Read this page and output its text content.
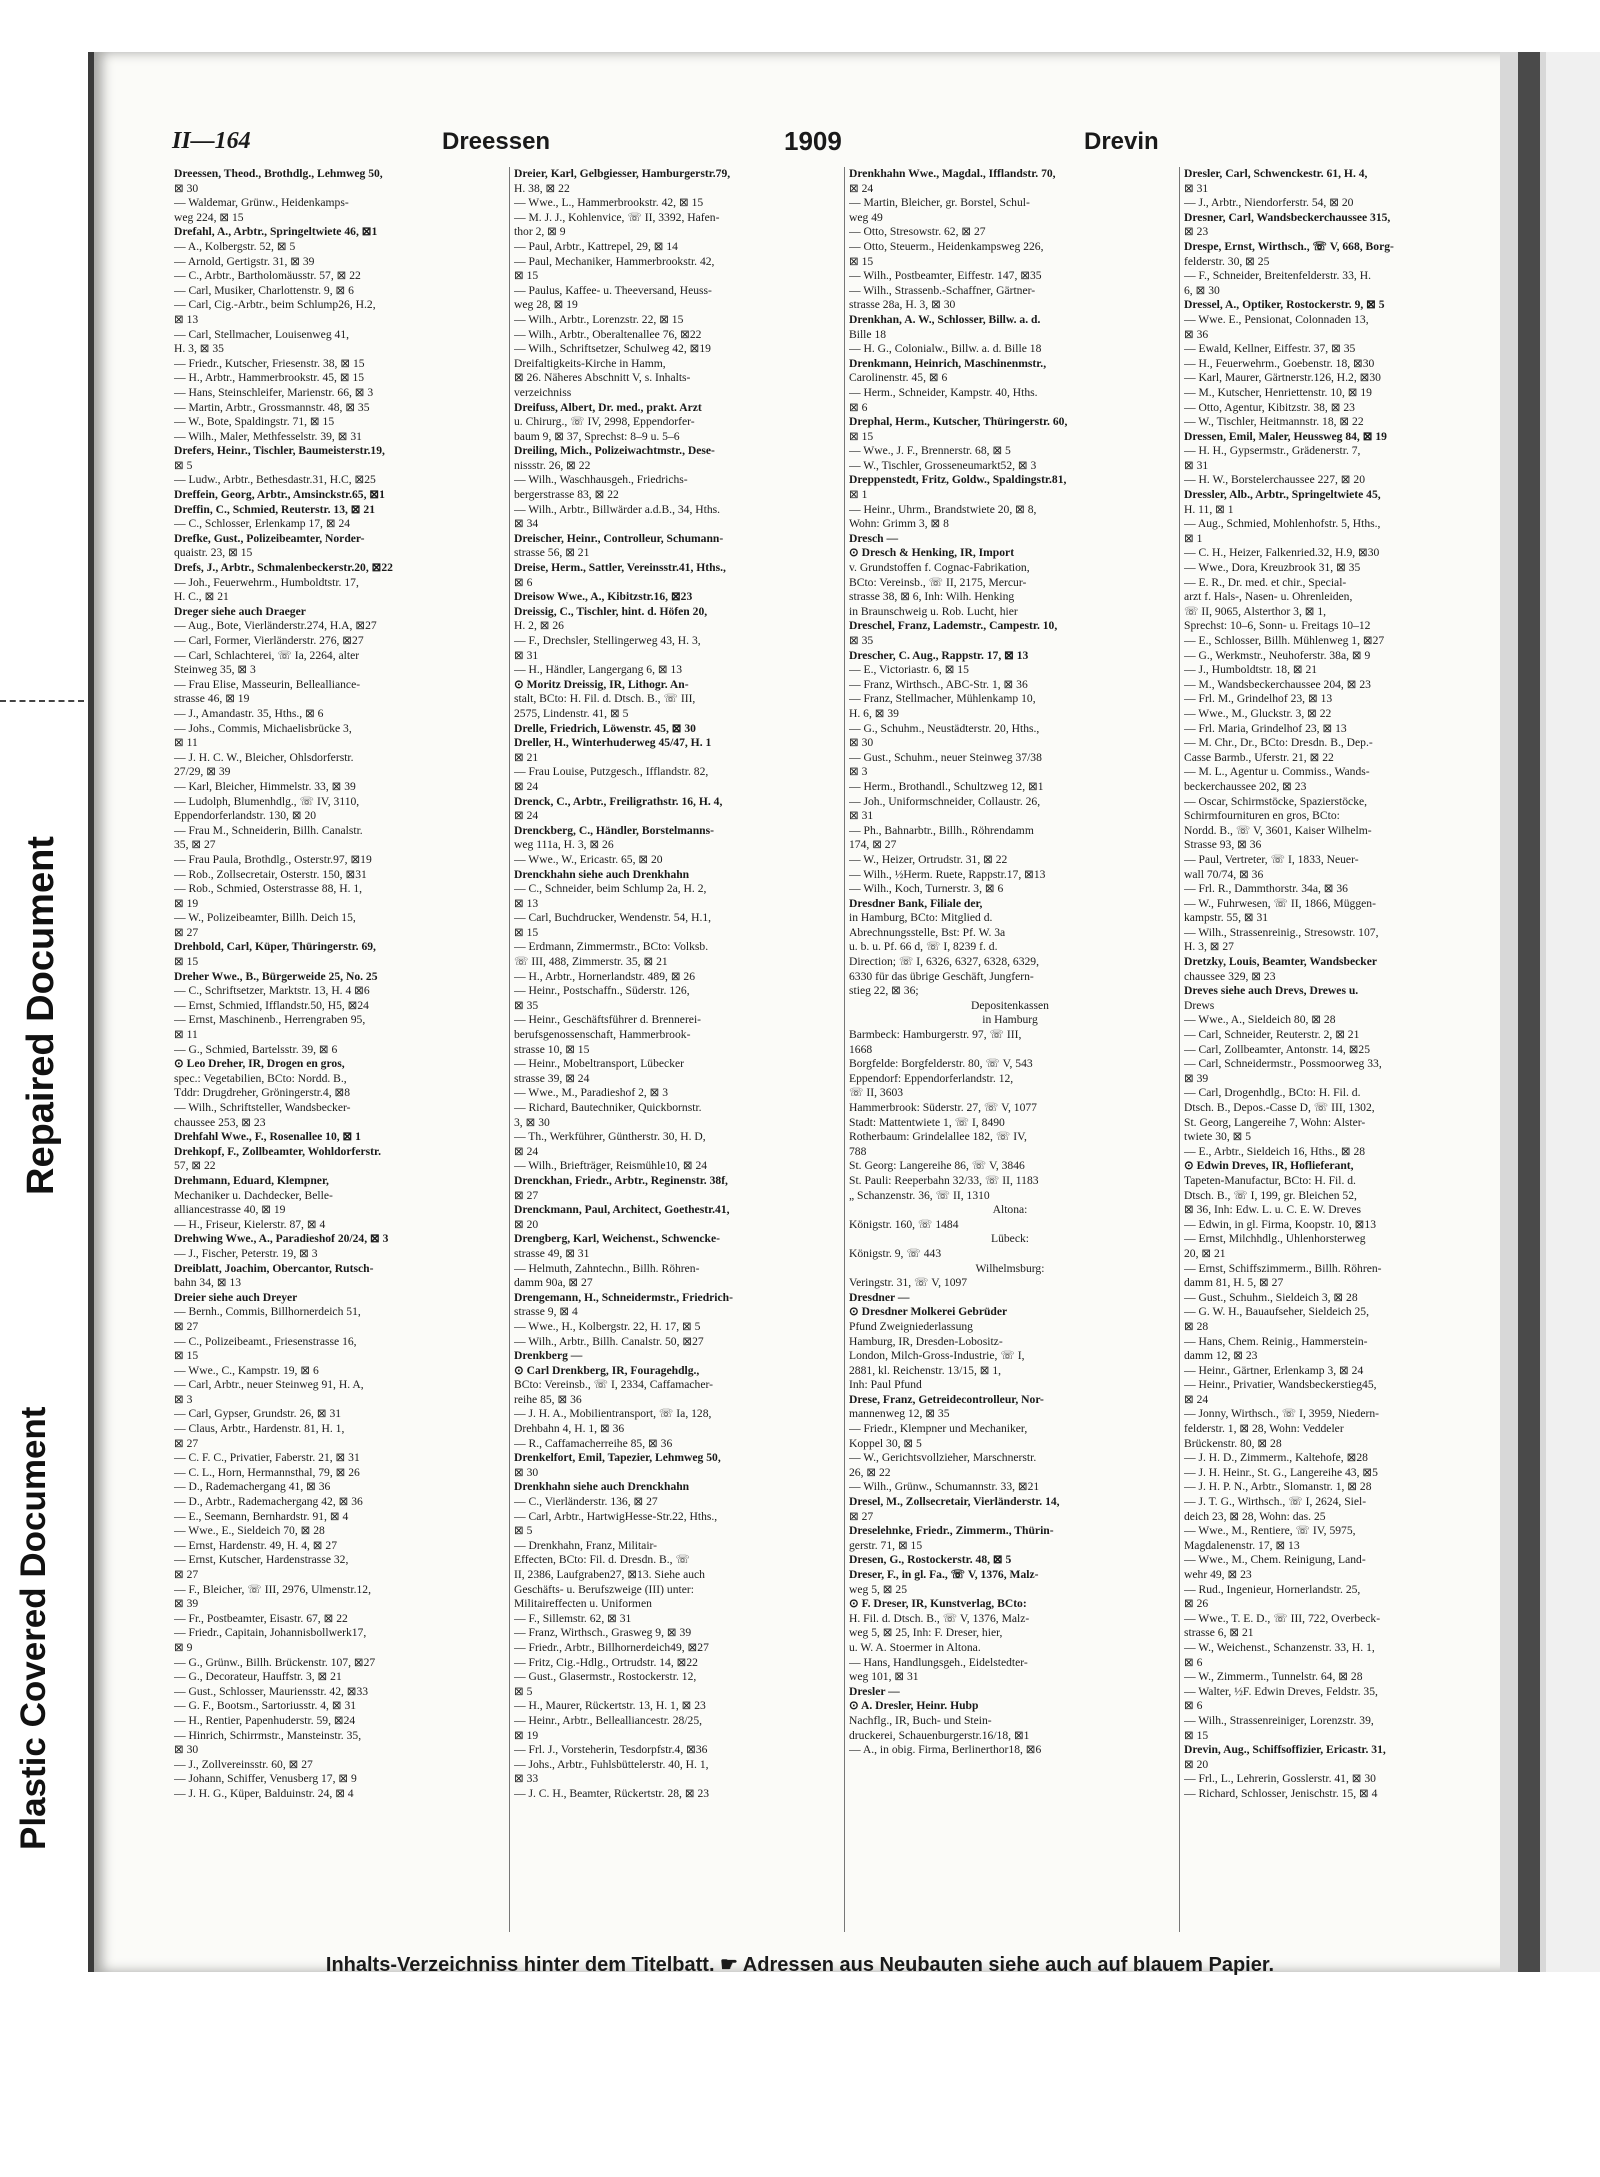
Repaired Document
Plastic Covered Document
II—164	Dreessen	1909	Drevin
Dreessen, Theod., Brothdlg., Lehmweg 50,
⊠ 30
— Waldemar, Grünw., Heidenkamps-
weg 224, ⊠ 15
Drefahl, A., Arbtr., Springeltwiete 46, ⊠1
— A., Kolbergstr. 52, ⊠ 5
— Arnold, Gertigstr. 31, ⊠ 39
— C., Arbtr., Bartholomäusstr. 57, ⊠ 22
— Carl, Musiker, Charlottenstr. 9, ⊠ 6
— Carl, Cig.-Arbtr., beim Schlump26, H.2,
⊠ 13
— Carl, Stellmacher, Louisenweg 41,
H. 3, ⊠ 35
— Friedr., Kutscher, Friesenstr. 38, ⊠ 15
— H., Arbtr., Hammerbrookstr. 45, ⊠ 15
— Hans, Steinschleifer, Marienstr. 66, ⊠ 3
— Martin, Arbtr., Grossmannstr. 48, ⊠ 35
— W., Bote, Spaldingstr. 71, ⊠ 15
— Wilh., Maler, Methfesselstr. 39, ⊠ 31
Drefers, Heinr., Tischler, Baumeisterstr.19,
⊠ 5
— Ludw., Arbtr., Bethesdastr.31, H.C, ⊠25
Dreffein, Georg, Arbtr., Amsinckstr.65, ⊠1
Dreffin, C., Schmied, Reuterstr. 13, ⊠ 21
— C., Schlosser, Erlenkamp 17, ⊠ 24
Drefke, Gust., Polizeibeamter, Norder-
quaistr. 23, ⊠ 15
Drefs, J., Arbtr., Schmalenbeckerstr.20, ⊠22
— Joh., Feuerwehrm., Humboldtstr. 17,
H. C., ⊠ 21
Dreger siehe auch Draeger
— Aug., Bote, Vierländerstr.274, H.A, ⊠27
— Carl, Former, Vierländerstr. 276, ⊠27
— Carl, Schlachterei, ☏ Ia, 2264, alter
Steinweg 35, ⊠ 3
— Frau Elise, Masseurin, Bellealliance-
strasse 46, ⊠ 19
— J., Amandastr. 35, Hths., ⊠ 6
— Johs., Commis, Michaelisbrücke 3,
⊠ 11
— J. H. C. W., Bleicher, Ohlsdorferstr.
27/29, ⊠ 39
— Karl, Bleicher, Himmelstr. 33, ⊠ 39
— Ludolph, Blumenhdlg., ☏ IV, 3110,
Eppendorferlandstr. 130, ⊠ 20
— Frau M., Schneiderin, Billh. Canalstr.
35, ⊠ 27
— Frau Paula, Brothdlg., Osterstr.97, ⊠19
— Rob., Zollsecretair, Osterstr. 150, ⊠31
— Rob., Schmied, Osterstrasse 88, H. 1,
⊠ 19
— W., Polizeibeamter, Billh. Deich 15,
⊠ 27
Drehbold, Carl, Küper, Thüringerstr. 69,
⊠ 15
Dreher Wwe., B., Bürgerweide 25, No. 25
— C., Schriftsetzer, Marktstr. 13, H. 4 ⊠6
— Ernst, Schmied, Ifflandstr.50, H5, ⊠24
— Ernst, Maschinenb., Herrengraben 95,
⊠ 11
— G., Schmied, Bartelsstr. 39, ⊠ 6
⊙ Leo Dreher, IR, Drogen en gros,
spec.: Vegetabilien, BCto: Nordd. B.,
Tddr: Drugdreher, Gröningerstr.4, ⊠8
— Wilh., Schriftsteller, Wandsbecker-
chaussee 253, ⊠ 23
Drehfahl Wwe., F., Rosenallee 10, ⊠ 1
Drehkopf, F., Zollbeamter, Wohldorferstr.
57, ⊠ 22
Drehmann, Eduard, Klempner,
Mechaniker u. Dachdecker, Belle-
alliancestrasse 40, ⊠ 19
— H., Friseur, Kielerstr. 87, ⊠ 4
Drehwing Wwe., A., Paradieshof 20/24, ⊠ 3
— J., Fischer, Peterstr. 19, ⊠ 3
Dreiblatt, Joachim, Obercantor, Rutsch-
bahn 34, ⊠ 13
Dreier siehe auch Dreyer
— Bernh., Commis, Billhornerdeich 51,
⊠ 27
— C., Polizeibeamt., Friesenstrasse 16,
⊠ 15
— Wwe., C., Kampstr. 19, ⊠ 6
— Carl, Arbtr., neuer Steinweg 91, H. A,
⊠ 3
— Carl, Gypser, Grundstr. 26, ⊠ 31
— Claus, Arbtr., Hardenstr. 81, H. 1,
⊠ 27
— C. F. C., Privatier, Faberstr. 21, ⊠ 31
— C. L., Horn, Hermannsthal, 79, ⊠ 26
— D., Rademachergang 41, ⊠ 36
— D., Arbtr., Rademachergang 42, ⊠ 36
— E., Seemann, Bernhardstr. 91, ⊠ 4
— Wwe., E., Sieldeich 70, ⊠ 28
— Ernst, Hardenstr. 49, H. 4, ⊠ 27
— Ernst, Kutscher, Hardenstrasse 32,
⊠ 27
— F., Bleicher, ☏ III, 2976, Ulmenstr.12,
⊠ 39
— Fr., Postbeamter, Eisastr. 67, ⊠ 22
— Friedr., Capitain, Johannisbollwerk17,
⊠ 9
— G., Grünw., Billh. Brückenstr. 107, ⊠27
— G., Decorateur, Hauffstr. 3, ⊠ 21
— Gust., Schlosser, Mauriensstr. 42, ⊠33
— G. F., Bootsm., Sartoriusstr. 4, ⊠ 31
— H., Rentier, Papenhuderstr. 59, ⊠24
— Hinrich, Schirrmstr., Mansteinstr. 35,
⊠ 30
— J., Zollvereinsstr. 60, ⊠ 27
— Johann, Schiffer, Venusberg 17, ⊠ 9
— J. H. G., Küper, Balduinstr. 24, ⊠ 4
Dreier, Karl, Gelbgiesser, Hamburgerstr.79,
H. 38, ⊠ 22
— Wwe., L., Hammerbrookstr. 42, ⊠ 15
— M. J. J., Kohlenvice, ☏ II, 3392, Hafen-
thor 2, ⊠ 9
— Paul, Arbtr., Kattrepel, 29, ⊠ 14
— Paul, Mechaniker, Hammerbrookstr. 42,
⊠ 15
— Paulus, Kaffee- u. Theeversand, Heuss-
weg 28, ⊠ 19
— Wilh., Arbtr., Lorenzstr. 22, ⊠ 15
— Wilh., Arbtr., Oberaltenallee 76, ⊠22
— Wilh., Schriftsetzer, Schulweg 42, ⊠19
Dreifaltigkeits-Kirche in Hamm,
⊠ 26. Näheres Abschnitt V, s. Inhalts-
verzeichniss
Dreifuss, Albert, Dr. med., prakt. Arzt
u. Chirurg., ☏ IV, 2998, Eppendorfer-
baum 9, ⊠ 37, Sprechst: 8–9 u. 5–6
Dreiling, Mich., Polizeiwachtmstr., Dese-
nissstr. 26, ⊠ 22
— Wilh., Waschhausgeh., Friedrichs-
bergerstrasse 83, ⊠ 22
— Wilh., Arbtr., Billwärder a.d.B., 34, Hths.
⊠ 34
Dreischer, Heinr., Controlleur, Schumann-
strasse 56, ⊠ 21
Dreise, Herm., Sattler, Vereinsstr.41, Hths.,
⊠ 6
Dreisow Wwe., A., Kibitzstr.16, ⊠23
Dreissig, C., Tischler, hint. d. Höfen 20,
H. 2, ⊠ 26
— F., Drechsler, Stellingerweg 43, H. 3,
⊠ 31
— H., Händler, Langergang 6, ⊠ 13
⊙ Moritz Dreissig, IR, Lithogr. An-
stalt, BCto: H. Fil. d. Dtsch. B., ☏ III,
2575, Lindenstr. 41, ⊠ 5
Drelle, Friedrich, Löwenstr. 45, ⊠ 30
Dreller, H., Winterhuderweg 45/47, H. 1
⊠ 21
— Frau Louise, Putzgesch., Ifflandstr. 82,
⊠ 24
Drenck, C., Arbtr., Freiligrathstr. 16, H. 4,
⊠ 24
Drenckberg, C., Händler, Borstelmanns-
weg 111a, H. 3, ⊠ 26
— Wwe., W., Ericastr. 65, ⊠ 20
Drenckhahn siehe auch Drenkhahn
— C., Schneider, beim Schlump 2a, H. 2,
⊠ 13
— Carl, Buchdrucker, Wendenstr. 54, H.1,
⊠ 15
— Erdmann, Zimmermstr., BCto: Volksb.
☏ III, 488, Zimmerstr. 35, ⊠ 21
— H., Arbtr., Hornerlandstr. 489, ⊠ 26
— Heinr., Postschaffn., Süderstr. 126,
⊠ 35
— Heinr., Geschäftsführer d. Brennerei-
berufsgenossenschaft, Hammerbrook-
strasse 10, ⊠ 15
— Heinr., Mobeltransport, Lübecker
strasse 39, ⊠ 24
— Wwe., M., Paradieshof 2, ⊠ 3
— Richard, Bautechniker, Quickbornstr.
3, ⊠ 30
— Th., Werkführer, Güntherstr. 30, H. D,
⊠ 24
— Wilh., Briefträger, Reismühle10, ⊠ 24
Drenckhan, Friedr., Arbtr., Reginenstr. 38f,
⊠ 27
Drenckmann, Paul, Architect, Goethestr.41,
⊠ 20
Drengberg, Karl, Weichenst., Schwencke-
strasse 49, ⊠ 31
— Helmuth, Zahntechn., Billh. Röhren-
damm 90a, ⊠ 27
Drengemann, H., Schneidermstr., Friedrich-
strasse 9, ⊠ 4
— Wwe., H., Kolbergstr. 22, H. 17, ⊠ 5
— Wilh., Arbtr., Billh. Canalstr. 50, ⊠27
Drenkberg —
⊙ Carl Drenkberg, IR, Fouragehdlg.,
BCto: Vereinsb., ☏ I, 2334, Caffamacher-
reihe 85, ⊠ 36
— J. H. A., Mobilientransport, ☏ Ia, 128,
Drehbahn 4, H. 1, ⊠ 36
— R., Caffamacherreihe 85, ⊠ 36
Drenkelfort, Emil, Tapezier, Lehmweg 50,
⊠ 30
Drenkhahn siehe auch Drenckhahn
— C., Vierländerstr. 136, ⊠ 27
— Carl, Arbtr., HartwigHesse-Str.22, Hths.,
⊠ 5
— Drenkhahn, Franz, Militair-
Effecten, BCto: Fil. d. Dresdn. B., ☏
II, 2386, Laufgraben27, ⊠13. Siehe auch
Geschäfts- u. Berufszweige (III) unter:
Militaireffecten u. Uniformen
— F., Sillemstr. 62, ⊠ 31
— Franz, Wirthsch., Grasweg 9, ⊠ 39
— Friedr., Arbtr., Billhornerdeich49, ⊠27
— Fritz, Cig.-Hdlg., Ortrudstr. 14, ⊠22
— Gust., Glasermstr., Rostockerstr. 12,
⊠ 5
— H., Maurer, Rückertstr. 13, H. 1, ⊠ 23
— Heinr., Arbtr., Bellealliancestr. 28/25,
⊠ 19
— Frl. J., Vorsteherin, Tesdorpfstr.4, ⊠36
— Johs., Arbtr., Fuhlsbüttelerstr. 40, H. 1,
⊠ 33
— J. C. H., Beamter, Rückertstr. 28, ⊠ 23
Drenkhahn Wwe., Magdal., Ifflandstr. 70,
⊠ 24
— Martin, Bleicher, gr. Borstel, Schul-
weg 49
— Otto, Stresowstr. 62, ⊠ 27
— Otto, Steuerm., Heidenkampsweg 226,
⊠ 15
— Wilh., Postbeamter, Eiffestr. 147, ⊠35
— Wilh., Strassenb.-Schaffner, Gärtner-
strasse 28a, H. 3, ⊠ 30
Drenkhan, A. W., Schlosser, Billw. a. d.
Bille 18
— H. G., Colonialw., Billw. a. d. Bille 18
Drenkmann, Heinrich, Maschinenmstr.,
Carolinenstr. 45, ⊠ 6
— Herm., Schneider, Kampstr. 40, Hths.
⊠ 6
Drephal, Herm., Kutscher, Thüringerstr. 60,
⊠ 15
— Wwe., J. F., Brennerstr. 68, ⊠ 5
— W., Tischler, Grosseneumarkt52, ⊠ 3
Dreppenstedt, Fritz, Goldw., Spaldingstr.81,
⊠ 1
— Heinr., Uhrm., Brandstwiete 20, ⊠ 8,
Wohn: Grimm 3, ⊠ 8
Dresch —
⊙ Dresch & Henking, IR, Import
v. Grundstoffen f. Cognac-Fabrikation,
BCto: Vereinsb., ☏ II, 2175, Mercur-
strasse 38, ⊠ 6, Inh: Wilh. Henking
in Braunschweig u. Rob. Lucht, hier
Dreschel, Franz, Lademstr., Campestr. 10,
⊠ 35
Drescher, C. Aug., Rappstr. 17, ⊠ 13
— E., Victoriastr. 6, ⊠ 15
— Franz, Wirthsch., ABC-Str. 1, ⊠ 36
— Franz, Stellmacher, Mühlenkamp 10,
H. 6, ⊠ 39
— G., Schuhm., Neustädterstr. 20, Hths.,
⊠ 30
— Gust., Schuhm., neuer Steinweg 37/38
⊠ 3
— Herm., Brothandl., Schultzweg 12, ⊠1
— Joh., Uniformschneider, Collaustr. 26,
⊠ 31
— Ph., Bahnarbtr., Billh., Röhrendamm
174, ⊠ 27
— W., Heizer, Ortrudstr. 31, ⊠ 22
— Wilh., ½Herm. Ruete, Rappstr.17, ⊠13
— Wilh., Koch, Turnerstr. 3, ⊠ 6
Dresdner Bank, Filiale der,
in Hamburg, BCto: Mitglied d.
Abrechnungsstelle, Bst: Pf. W. 3a
u. b. u. Pf. 66 d, ☏ I, 8239 f. d.
Direction; ☏ I, 6326, 6327, 6328, 6329,
6330 für das übrige Geschäft, Jungfern-
stieg 22, ⊠ 36;
Depositenkassen
in Hamburg
Barmbeck: Hamburgerstr. 97, ☏ III,
1668
Borgfelde: Borgfelderstr. 80, ☏ V, 543
Eppendorf: Eppendorferlandstr. 12,
☏ II, 3603
Hammerbrook: Süderstr. 27, ☏ V, 1077
Stadt: Mattentwiete 1, ☏ I, 8490
Rotherbaum: Grindelallee 182, ☏ IV,
788
St. Georg: Langereihe 86, ☏ V, 3846
St. Pauli: Reeperbahn 32/33, ☏ II, 1183
„ Schanzenstr. 36, ☏ II, 1310
Altona:
Königstr. 160, ☏ 1484
Lübeck:
Königstr. 9, ☏ 443
Wilhelmsburg:
Veringstr. 31, ☏ V, 1097
Dresdner —
⊙ Dresdner Molkerei Gebrüder
Pfund Zweigniederlassung
Hamburg, IR, Dresden-Lobositz-
London, Milch-Gross-Industrie, ☏ I,
2881, kl. Reichenstr. 13/15, ⊠ 1,
Inh: Paul Pfund
Drese, Franz, Getreidecontrolleur, Nor-
mannenweg 12, ⊠ 35
— Friedr., Klempner und Mechaniker,
Koppel 30, ⊠ 5
— W., Gerichtsvollzieher, Marschnerstr.
26, ⊠ 22
— Wilh., Grünw., Schumannstr. 33, ⊠21
Dresel, M., Zollsecretair, Vierländerstr. 14,
⊠ 27
Dreselehnke, Friedr., Zimmerm., Thürin-
gerstr. 71, ⊠ 15
Dresen, G., Rostockerstr. 48, ⊠ 5
Dreser, F., in gl. Fa., ☏ V, 1376, Malz-
weg 5, ⊠ 25
⊙ F. Dreser, IR, Kunstverlag, BCto:
H. Fil. d. Dtsch. B., ☏ V, 1376, Malz-
weg 5, ⊠ 25, Inh: F. Dreser, hier,
u. W. A. Stoermer in Altona.
— Hans, Handlungsgeh., Eidelstedter-
weg 101, ⊠ 31
Dresler —
⊙ A. Dresler, Heinr. Hubp
Nachflg., IR, Buch- und Stein-
druckerei, Schauenburgerstr.16/18, ⊠1
— A., in obig. Firma, Berlinerthor18, ⊠6
Dresler, Carl, Schwenckestr. 61, H. 4,
⊠ 31
— J., Arbtr., Niendorferstr. 54, ⊠ 20
Dresner, Carl, Wandsbeckerchaussee 315,
⊠ 23
Drespe, Ernst, Wirthsch., ☏ V, 668, Borg-
felderstr. 30, ⊠ 25
— F., Schneider, Breitenfelderstr. 33, H.
6, ⊠ 30
Dressel, A., Optiker, Rostockerstr. 9, ⊠ 5
— Wwe. E., Pensionat, Colonnaden 13,
⊠ 36
— Ewald, Kellner, Eiffestr. 37, ⊠ 35
— H., Feuerwehrm., Goebenstr. 18, ⊠30
— Karl, Maurer, Gärtnerstr.126, H.2, ⊠30
— M., Kutscher, Henriettenstr. 10, ⊠ 19
— Otto, Agentur, Kibitzstr. 38, ⊠ 23
— W., Tischler, Heitmannstr. 18, ⊠ 22
Dressen, Emil, Maler, Heussweg 84, ⊠ 19
— H. H., Gypsermstr., Grädenerstr. 7,
⊠ 31
— H. W., Borstelerchaussee 227, ⊠ 20
Dressler, Alb., Arbtr., Springeltwiete 45,
H. 11, ⊠ 1
— Aug., Schmied, Mohlenhofstr. 5, Hths.,
⊠ 1
— C. H., Heizer, Falkenried.32, H.9, ⊠30
— Wwe., Dora, Kreuzbrook 31, ⊠ 35
— E. R., Dr. med. et chir., Special-
arzt f. Hals-, Nasen- u. Ohrenleiden,
☏ II, 9065, Alsterthor 3, ⊠ 1,
Sprechst: 10–6, Sonn- u. Freitags 10–12
— E., Schlosser, Billh. Mühlenweg 1, ⊠27
— G., Werkmstr., Neuhoferstr. 38a, ⊠ 9
— J., Humboldtstr. 18, ⊠ 21
— M., Wandsbeckerchaussee 204, ⊠ 23
— Frl. M., Grindelhof 23, ⊠ 13
— Wwe., M., Gluckstr. 3, ⊠ 22
— Frl. Maria, Grindelhof 23, ⊠ 13
— M. Chr., Dr., BCto: Dresdn. B., Dep.-
Casse Barmb., Uferstr. 21, ⊠ 22
— M. L., Agentur u. Commiss., Wands-
beckerchaussee 202, ⊠ 23
— Oscar, Schirmstöcke, Spazierstöcke,
Schirmfournituren en gros, BCto:
Nordd. B., ☏ V, 3601, Kaiser Wilhelm-
Strasse 93, ⊠ 36
— Paul, Vertreter, ☏ I, 1833, Neuer-
wall 70/74, ⊠ 36
— Frl. R., Dammthorstr. 34a, ⊠ 36
— W., Fuhrwesen, ☏ II, 1866, Müggen-
kampstr. 55, ⊠ 31
— Wilh., Strassenreinig., Stresowstr. 107,
H. 3, ⊠ 27
Dretzky, Louis, Beamter, Wandsbecker
chaussee 329, ⊠ 23
Dreves siehe auch Drevs, Drewes u.
Drews
— Wwe., A., Sieldeich 80, ⊠ 28
— Carl, Schneider, Reuterstr. 2, ⊠ 21
— Carl, Zollbeamter, Antonstr. 14, ⊠25
— Carl, Schneidermstr., Possmoorweg 33,
⊠ 39
— Carl, Drogenhdlg., BCto: H. Fil. d.
Dtsch. B., Depos.-Casse D, ☏ III, 1302,
St. Georg, Langereihe 7, Wohn: Alster-
twiete 30, ⊠ 5
— E., Arbtr., Sieldeich 16, Hths., ⊠ 28
⊙ Edwin Dreves, IR, Hoflieferant,
Tapeten-Manufactur, BCto: H. Fil. d.
Dtsch. B., ☏ I, 199, gr. Bleichen 52,
⊠ 36, Inh: Edw. L. u. C. E. W. Dreves
— Edwin, in gl. Firma, Koopstr. 10, ⊠13
— Ernst, Milchhdlg., Uhlenhorsterweg
20, ⊠ 21
— Ernst, Schiffszimmerm., Billh. Röhren-
damm 81, H. 5, ⊠ 27
— Gust., Schuhm., Sieldeich 3, ⊠ 28
— G. W. H., Bauaufseher, Sieldeich 25,
⊠ 28
— Hans, Chem. Reinig., Hammerstein-
damm 12, ⊠ 23
— Heinr., Gärtner, Erlenkamp 3, ⊠ 24
— Heinr., Privatier, Wandsbeckerstieg45,
⊠ 24
— Jonny, Wirthsch., ☏ I, 3959, Niedern-
felderstr. 1, ⊠ 28, Wohn: Veddeler
Brückenstr. 80, ⊠ 28
— J. H. D., Zimmerm., Kaltehofe, ⊠28
— J. H. Heinr., St. G., Langereihe 43, ⊠5
— J. H. P. N., Arbtr., Slomanstr. 1, ⊠ 28
— J. T. G., Wirthsch., ☏ I, 2624, Siel-
deich 23, ⊠ 28, Wohn: das. 25
— Wwe., M., Rentiere, ☏ IV, 5975,
Magdalenenstr. 17, ⊠ 13
— Wwe., M., Chem. Reinigung, Land-
wehr 49, ⊠ 23
— Rud., Ingenieur, Hornerlandstr. 25,
⊠ 26
— Wwe., T. E. D., ☏ III, 722, Overbeck-
strasse 6, ⊠ 21
— W., Weichenst., Schanzenstr. 33, H. 1,
⊠ 6
— W., Zimmerm., Tunnelstr. 64, ⊠ 28
— Walter, ½F. Edwin Dreves, Feldstr. 35,
⊠ 6
— Wilh., Strassenreiniger, Lorenzstr. 39,
⊠ 15
Drevin, Aug., Schiffsoffizier, Ericastr. 31,
⊠ 20
— Frl., L., Lehrerin, Gosslerstr. 41, ⊠ 30
— Richard, Schlosser, Jenischstr. 15, ⊠ 4
Inhalts-Verzeichniss hinter dem Titelbatt. ☛ Adressen aus Neubauten siehe auch auf blauem Papier.
